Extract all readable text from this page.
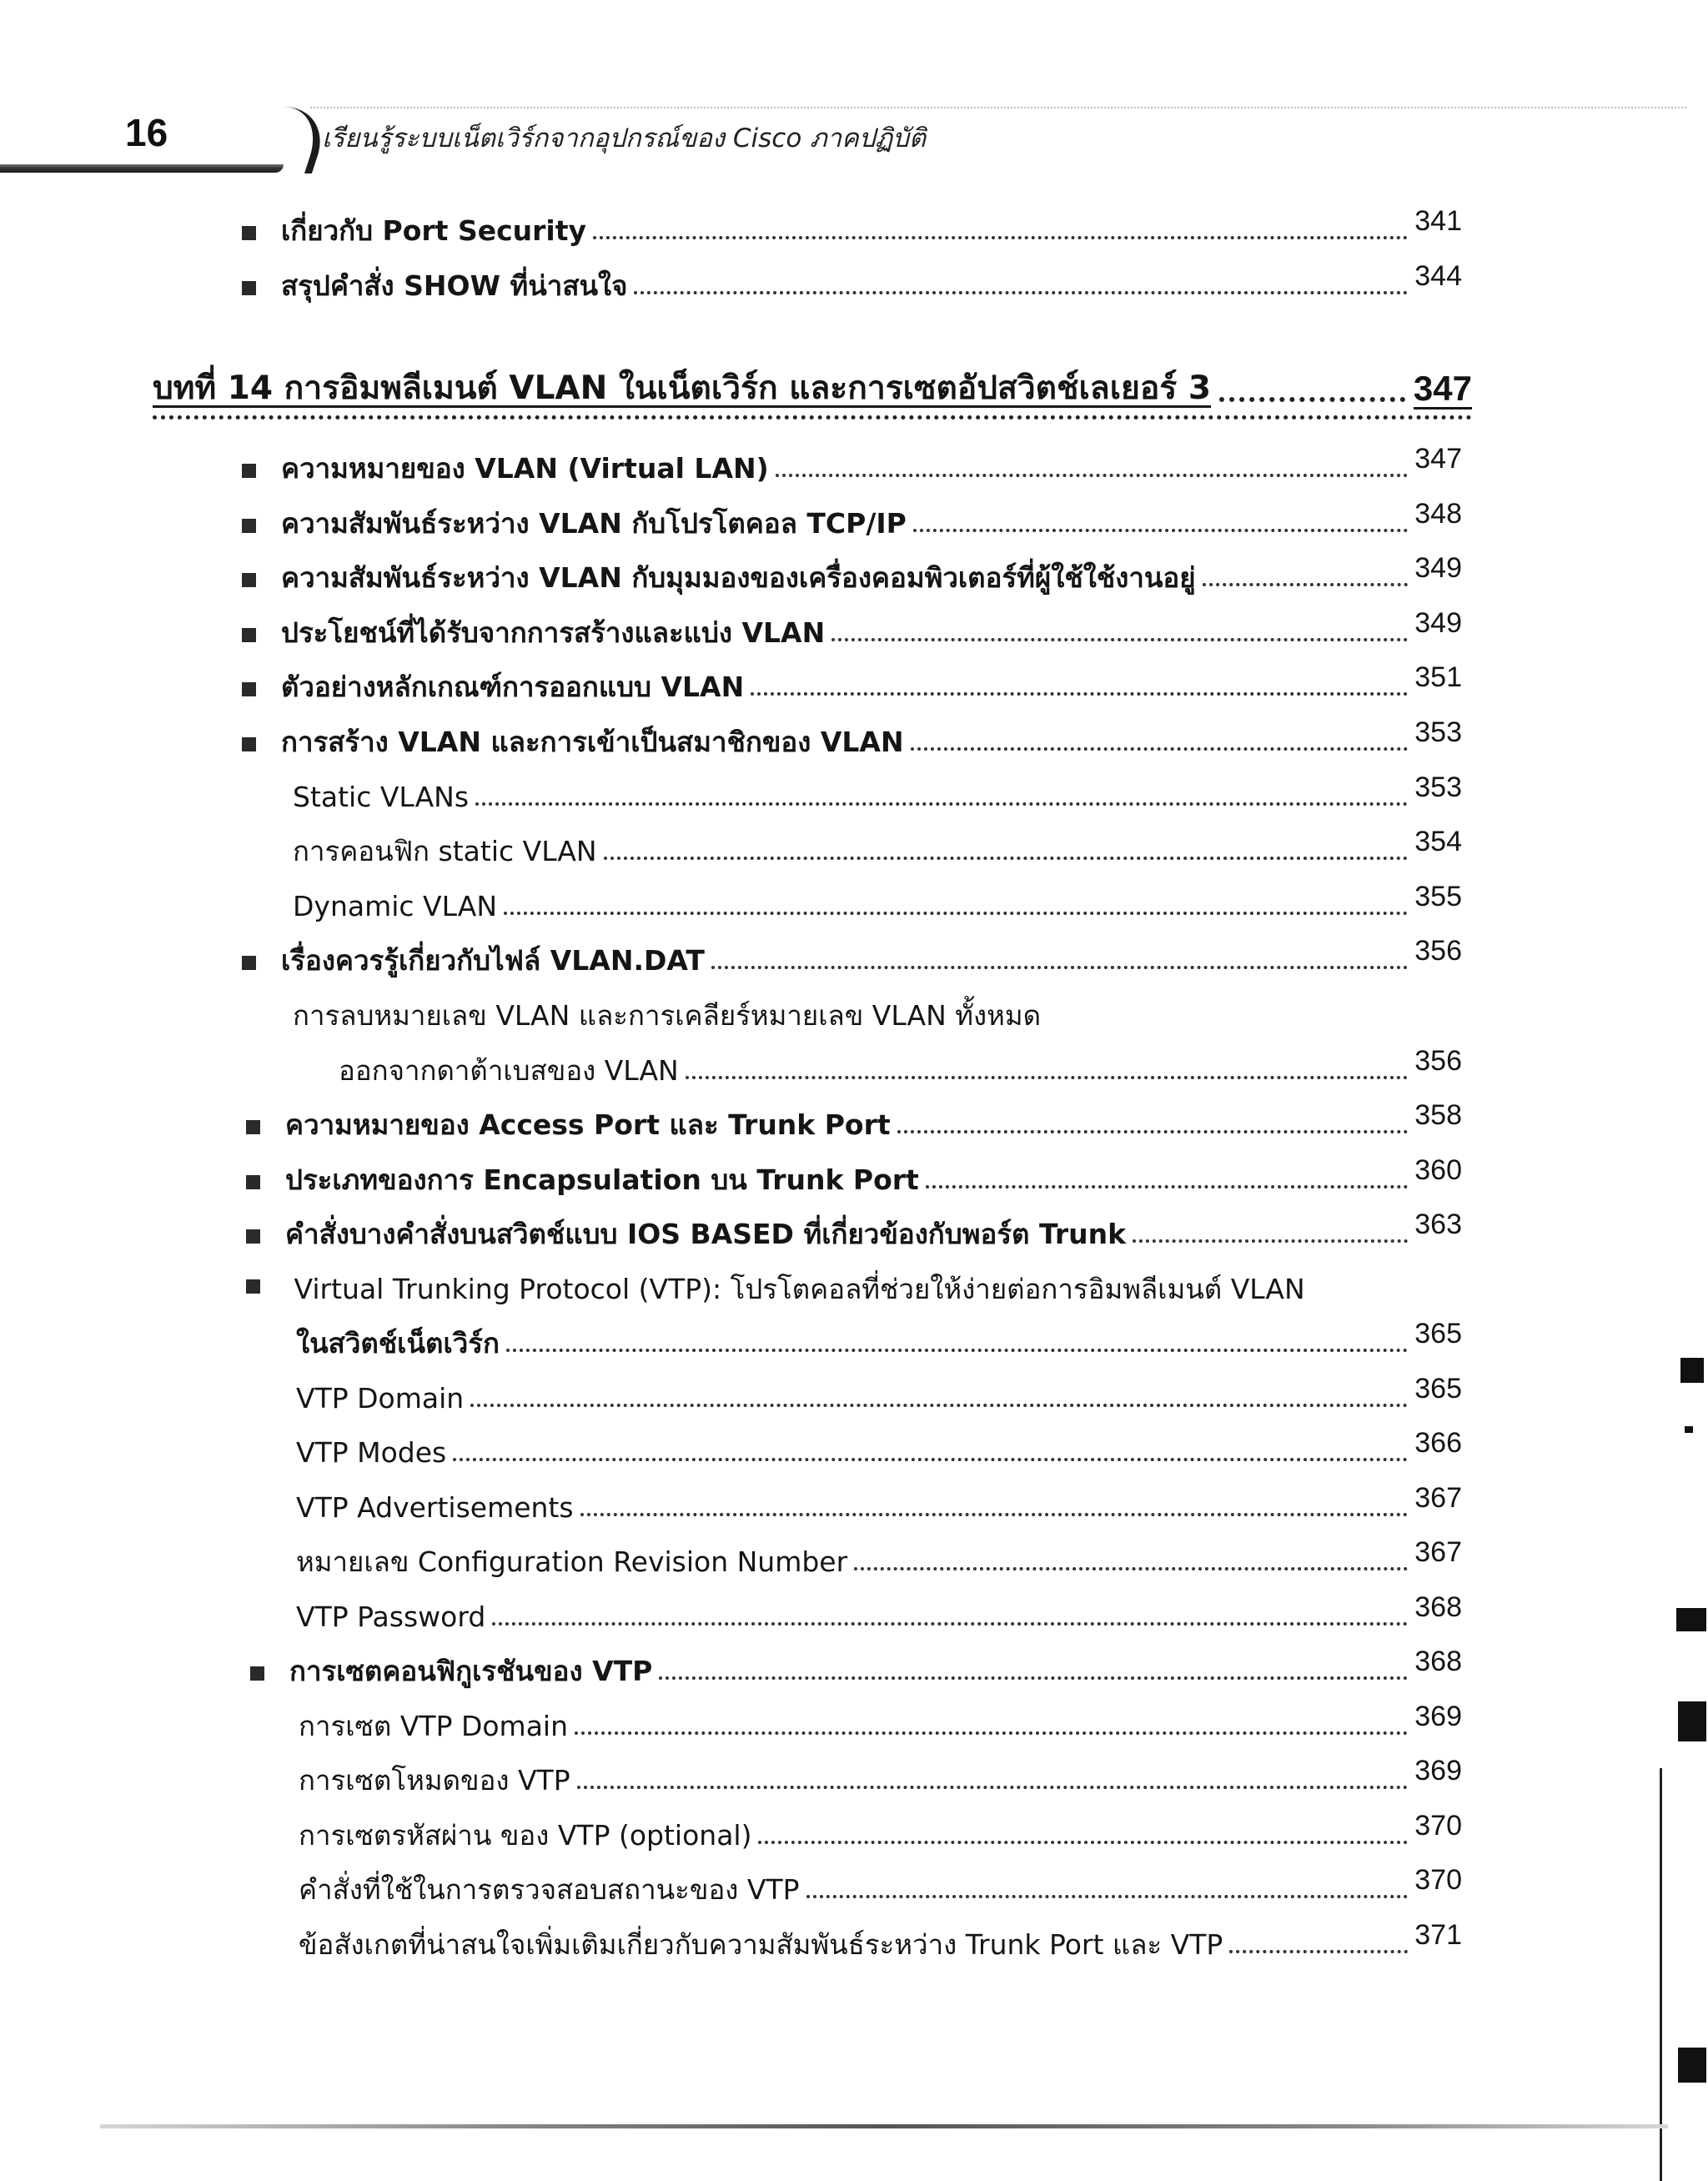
16	เรียนรู้ระบบเน็ตเวิร์กจากอุปกรณ์ของ Cisco ภาคปฏิบัติ
เกี่ยวกับ Port Security	341
สรุปคำสั่ง SHOW ที่น่าสนใจ	344
บทที่ 14 การอิมพลีเมนต์ VLAN ในเน็ตเวิร์ก และการเซตอัปสวิตช์เลเยอร์ 3	347
ความหมายของ VLAN (Virtual LAN)	347
ความสัมพันธ์ระหว่าง VLAN กับโปรโตคอล TCP/IP	348
ความสัมพันธ์ระหว่าง VLAN กับมุมมองของเครื่องคอมพิวเตอร์ที่ผู้ใช้ใช้งานอยู่	349
ประโยชน์ที่ได้รับจากการสร้างและแบ่ง VLAN	349
ตัวอย่างหลักเกณฑ์การออกแบบ VLAN	351
การสร้าง VLAN และการเข้าเป็นสมาชิกของ VLAN	353
Static VLANs	353
การคอนฟิก static VLAN	354
Dynamic VLAN	355
เรื่องควรรู้เกี่ยวกับไฟล์ VLAN.DAT	356
การลบหมายเลข VLAN และการเคลียร์หมายเลข VLAN ทั้งหมด
ออกจากดาต้าเบสของ VLAN	356
ความหมายของ Access Port และ Trunk Port	358
ประเภทของการ Encapsulation บน Trunk Port	360
คำสั่งบางคำสั่งบนสวิตช์แบบ IOS BASED ที่เกี่ยวข้องกับพอร์ต Trunk	363
Virtual Trunking Protocol (VTP): โปรโตคอลที่ช่วยให้ง่ายต่อการอิมพลีเมนต์ VLAN
ในสวิตช์เน็ตเวิร์ก	365
VTP Domain	365
VTP Modes	366
VTP Advertisements	367
หมายเลข Configuration Revision Number	367
VTP Password	368
การเซตคอนฟิกูเรชันของ VTP	368
การเซต VTP Domain	369
การเซตโหมดของ VTP	369
การเซตรหัสผ่าน ของ VTP (optional)	370
คำสั่งที่ใช้ในการตรวจสอบสถานะของ VTP	370
ข้อสังเกตที่น่าสนใจเพิ่มเติมเกี่ยวกับความสัมพันธ์ระหว่าง Trunk Port และ VTP	371
